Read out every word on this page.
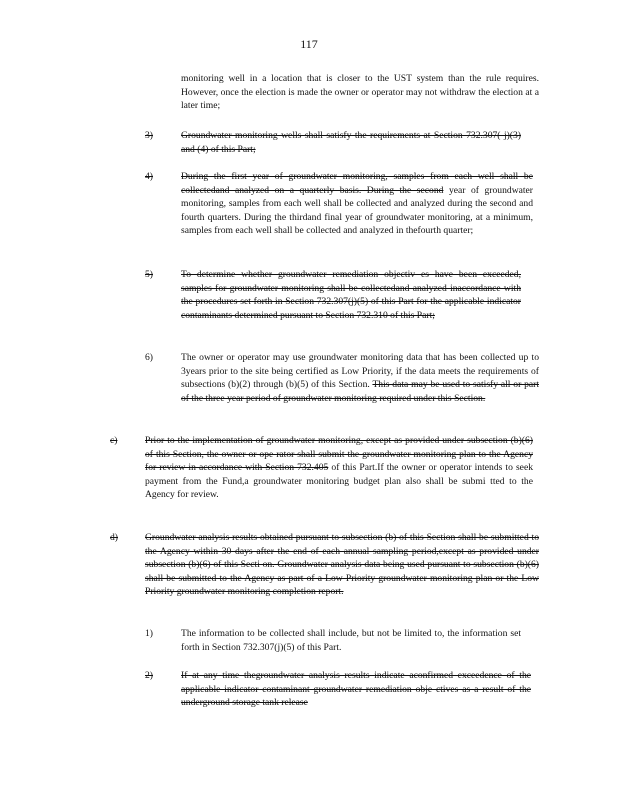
117
monitoring well in a location that is closer to the UST system than the rule requires. However, once the election is made the owner or operator may not withdraw the election at a later time;
3)	Groundwater monitoring wells shall satisfy the requirements at Section 732.307( j)(3) and (4) of this Part;
4)	During the first year of groundwater monitoring, samples from each well shall be collectedand analyzed on a quarterly basis. During the second year of groundwater monitoring, samples from each well shall be collected and analyzed during the second and fourth quarters. During the thirdand final year of groundwater monitoring, at a minimum, samples from each well shall be collected and analyzed in thefourth quarter;
5)	To determine whether groundwater remediation objectiv es have been exceeded, samples for groundwater monitoring shall be collectedand analyzed inaccordance with the procedures set forth in Section 732.307(j)(5) of this Part for the applicable indicator contaminants determined pursuant to Section 732.310 of this Part;
6)	The owner or operator may use groundwater monitoring data that has been collected up to 3years prior to the site being certified as Low Priority, if the data meets the requirements of subsections (b)(2) through (b)(5) of this Section. This data may be used to satisfy all or part of the three year period of groundwater monitoring required under this Section.
c)	Prior to the implementation of groundwater monitoring, except as provided under subsection (b)(6) of this Section, the owner or ope rator shall submit the groundwater monitoring plan to the Agency for review in accordance with Section 732.405 of this Part.If the owner or operator intends to seek payment from the Fund,a groundwater monitoring budget plan also shall be submi tted to the Agency for review.
d)	Groundwater analysis results obtained pursuant to subsection (b) of this Section shall be submitted to the Agency within 30 days after the end of each annual sampling period,except as provided under subsection (b)(6) of this Secti on. Groundwater analysis data being used pursuant to subsection (b)(6) shall be submitted to the Agency as part of a Low Priority groundwater monitoring plan or the Low Priority groundwater monitoring completion report.
1)	The information to be collected shall include, but not be limited to, the information set forth in Section 732.307(j)(5) of this Part.
2)	If at any time thegroundwater analysis results indicate aconfirmed exceedence of the applicable indicator contaminant groundwater remediation obje ctives as a result of the underground storage tank release
